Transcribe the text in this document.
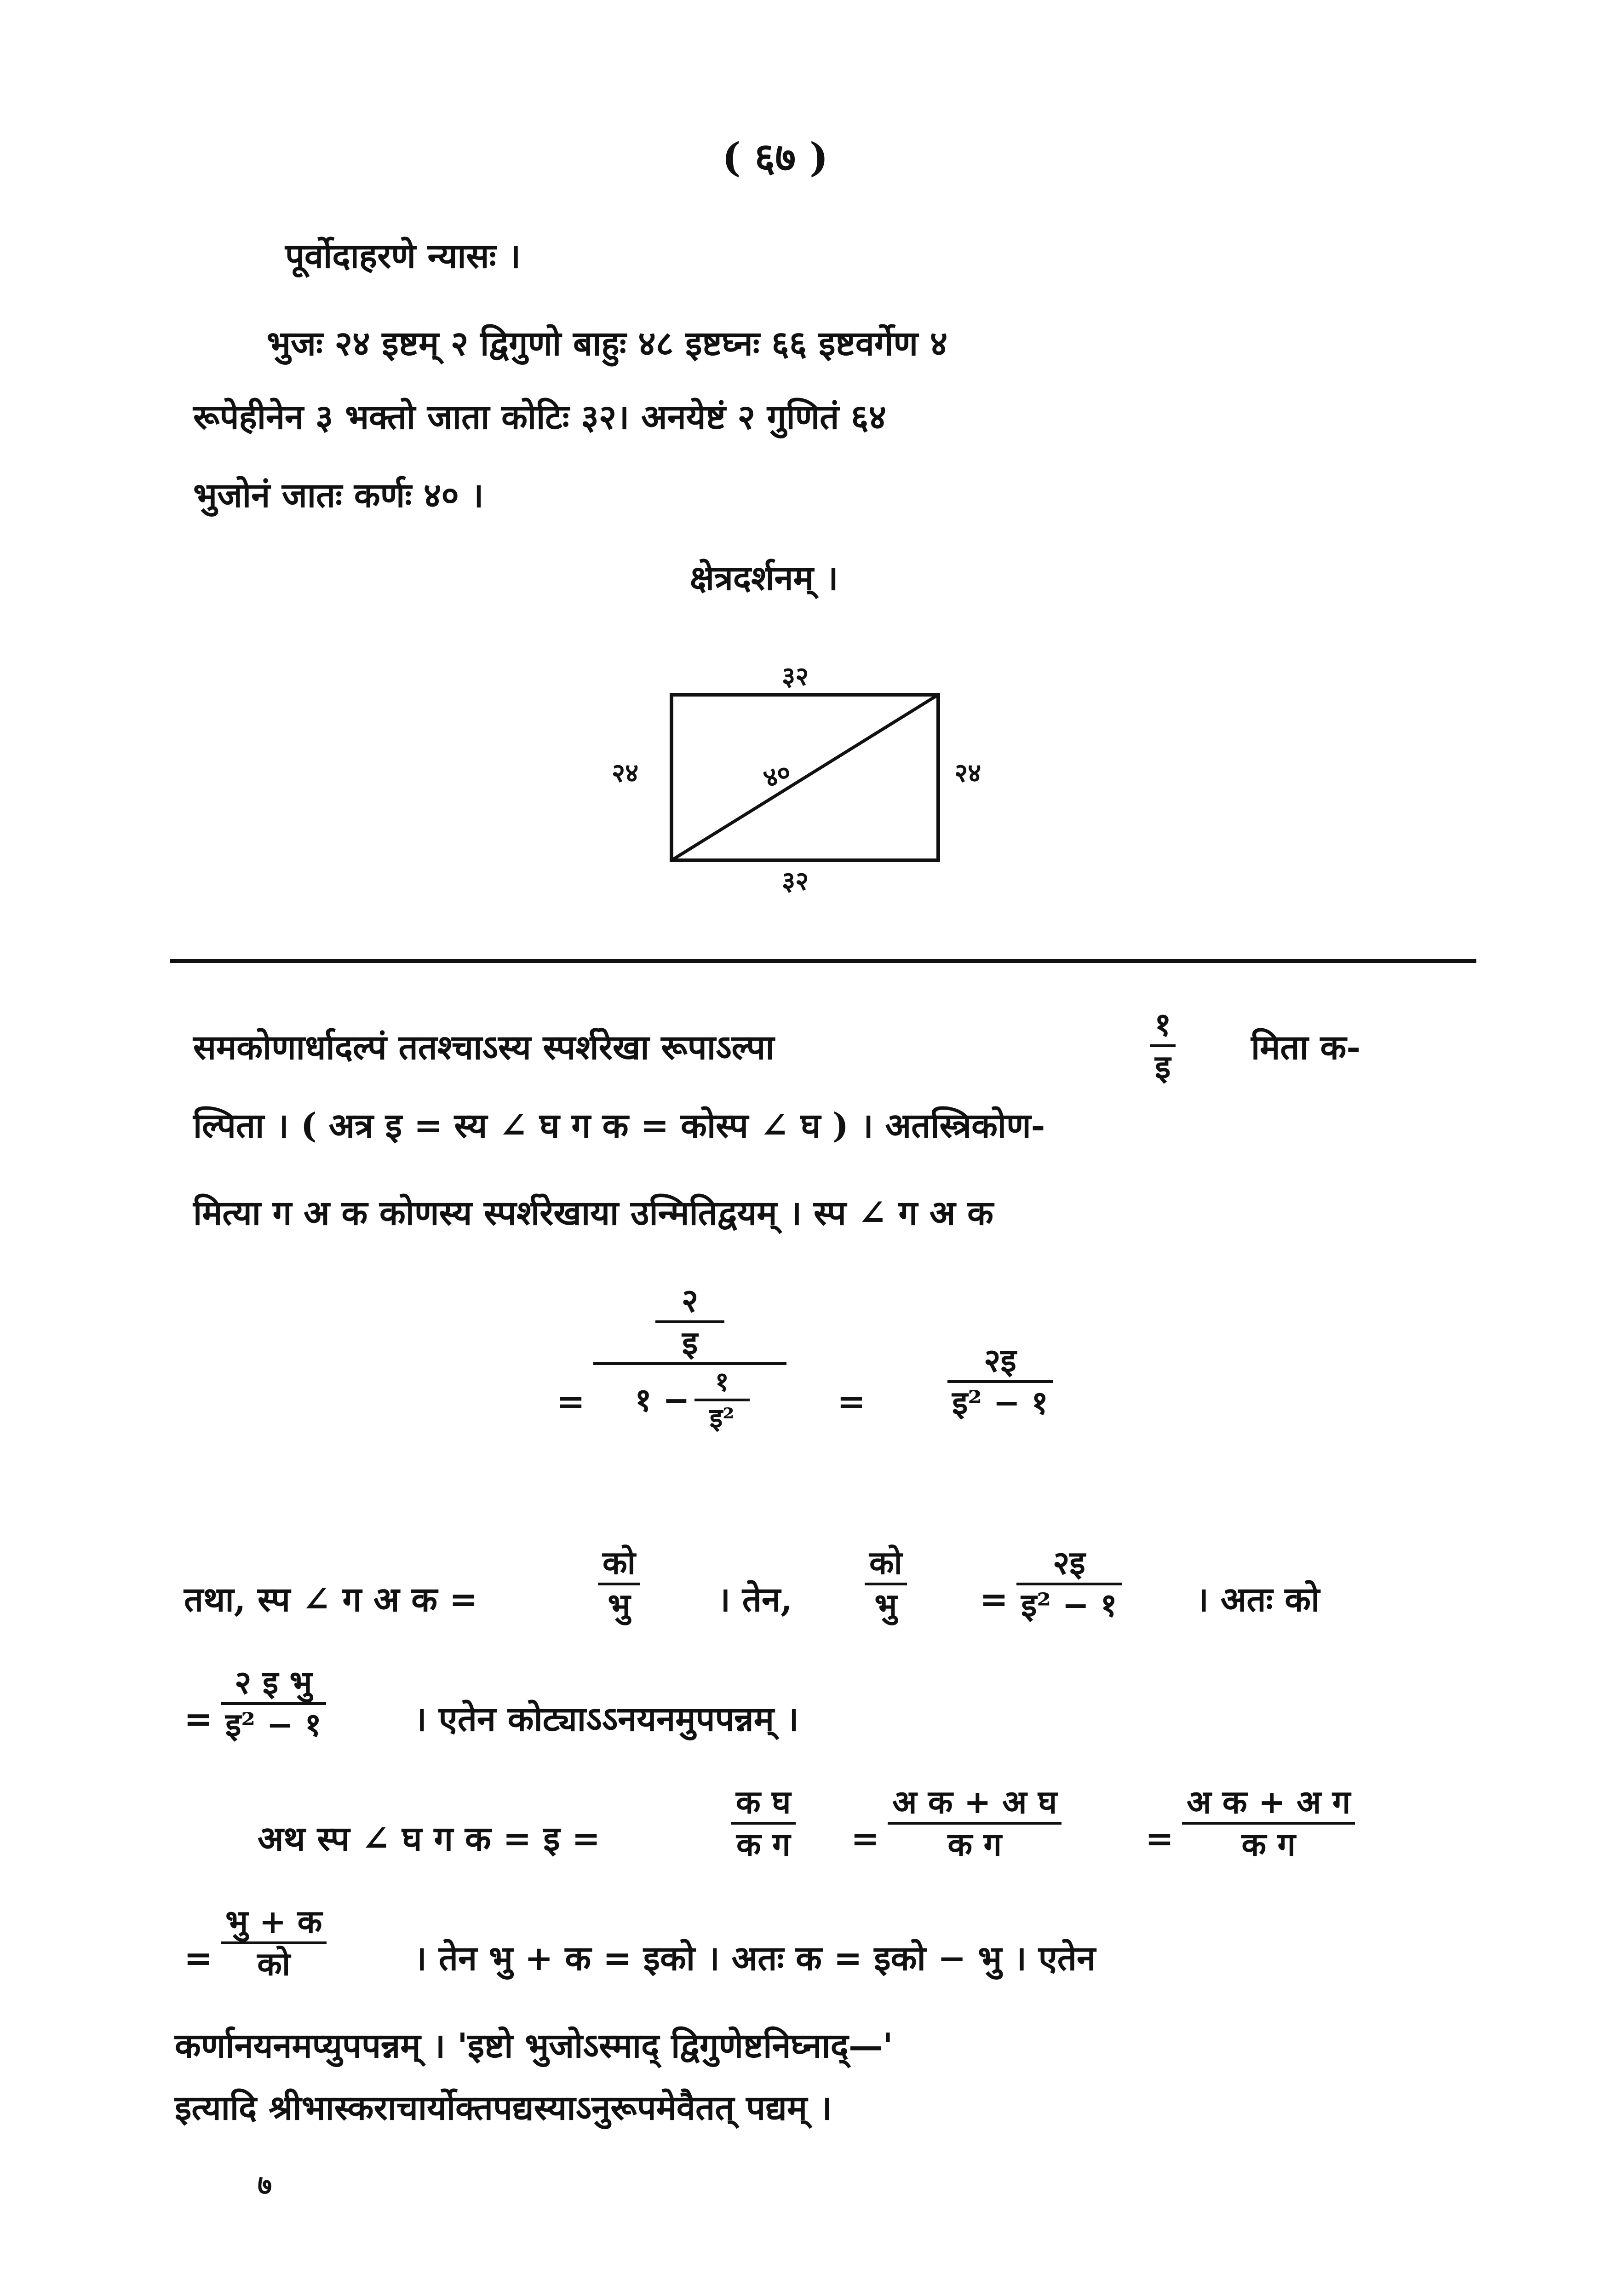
( ६७ )
पूर्वोदाहरणे न्यासः ।
भुजः २४ इष्टम् २ द्विगुणो बाहुः ४८ इष्टघ्नः ६६ इष्टवर्गेण ४
रूपेहीनेन ३ भक्तो जाता कोटिः ३२। अनयेष्टं २ गुणितं ६४
भुजोनं जातः कर्णः ४० ।
क्षेत्रदर्शनम् ।
३२
३२
२४	२४
४०
समकोणार्धादल्पं ततश्चाऽस्य स्पर्शरेखा रूपाऽल्पा
१
इ मिता क-
ल्पिता । ( अत्र इ = स्य ∠ घ ग क = कोस्प ∠ घ ) । अतस्त्रिकोण-
मित्या ग अ क कोणस्य स्पर्शरेखाया उन्मितिद्वयम् । स्प ∠ ग अ क
=
२
इ
१ − १
इ²	=
२इ
इ² − १
तथा, स्प ∠ ग अ क =
को
भु	। तेन,
को
भु =
२इ
इ² − १ । अतः को
=
२ इ भु
इ² − १	। एतेन कोट्याऽऽनयनमुपपन्नम् ।
अथ स्प ∠ घ ग क = इ =
क घ
क ग =
अ क + अ घ
क ग	=
अ क + अ ग
क ग
=
भु + क
को	। तेन भु + क = इको । अतः क = इको − भु । एतेन
कर्णानयनमप्युपपन्नम् । 'इष्टो भुजोऽस्माद् द्विगुणेष्टनिघ्नाद्—'
इत्यादि श्रीभास्कराचार्योक्तपद्यस्याऽनुरूपमेवैतत् पद्यम् ।
७
